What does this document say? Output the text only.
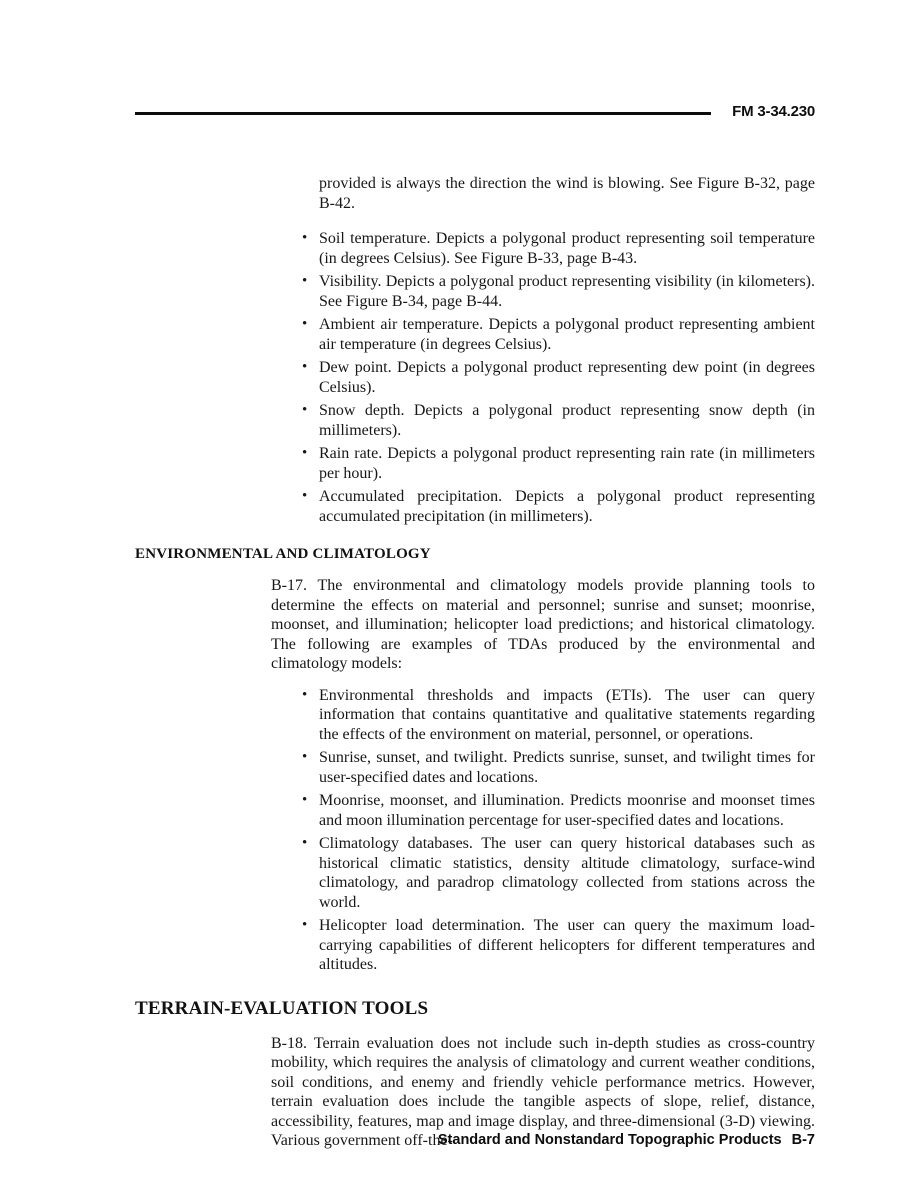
FM 3-34.230

provided is always the direction the wind is blowing. See Figure B-32, page B-42.

• Soil temperature. Depicts a polygonal product representing soil temperature (in degrees Celsius). See Figure B-33, page B-43.
• Visibility. Depicts a polygonal product representing visibility (in kilometers). See Figure B-34, page B-44.
• Ambient air temperature. Depicts a polygonal product representing ambient air temperature (in degrees Celsius).
• Dew point. Depicts a polygonal product representing dew point (in degrees Celsius).
• Snow depth. Depicts a polygonal product representing snow depth (in millimeters).
• Rain rate. Depicts a polygonal product representing rain rate (in millimeters per hour).
• Accumulated precipitation. Depicts a polygonal product representing accumulated precipitation (in millimeters).
ENVIRONMENTAL AND CLIMATOLOGY

B-17. The environmental and climatology models provide planning tools to determine the effects on material and personnel; sunrise and sunset; moonrise, moonset, and illumination; helicopter load predictions; and historical climatology. The following are examples of TDAs produced by the environmental and climatology models:

• Environmental thresholds and impacts (ETIs). The user can query information that contains quantitative and qualitative statements regarding the effects of the environment on material, personnel, or operations.
• Sunrise, sunset, and twilight. Predicts sunrise, sunset, and twilight times for user-specified dates and locations.
• Moonrise, moonset, and illumination. Predicts moonrise and moonset times and moon illumination percentage for user-specified dates and locations.
• Climatology databases. The user can query historical databases such as historical climatic statistics, density altitude climatology, surface-wind climatology, and paradrop climatology collected from stations across the world.
• Helicopter load determination. The user can query the maximum load-carrying capabilities of different helicopters for different temperatures and altitudes.
TERRAIN-EVALUATION TOOLS

B-18. Terrain evaluation does not include such in-depth studies as cross-country mobility, which requires the analysis of climatology and current weather conditions, soil conditions, and enemy and friendly vehicle performance metrics. However, terrain evaluation does include the tangible aspects of slope, relief, distance, accessibility, features, map and image display, and three-dimensional (3-D) viewing. Various government off-the-

Standard and Nonstandard Topographic Products B-7
